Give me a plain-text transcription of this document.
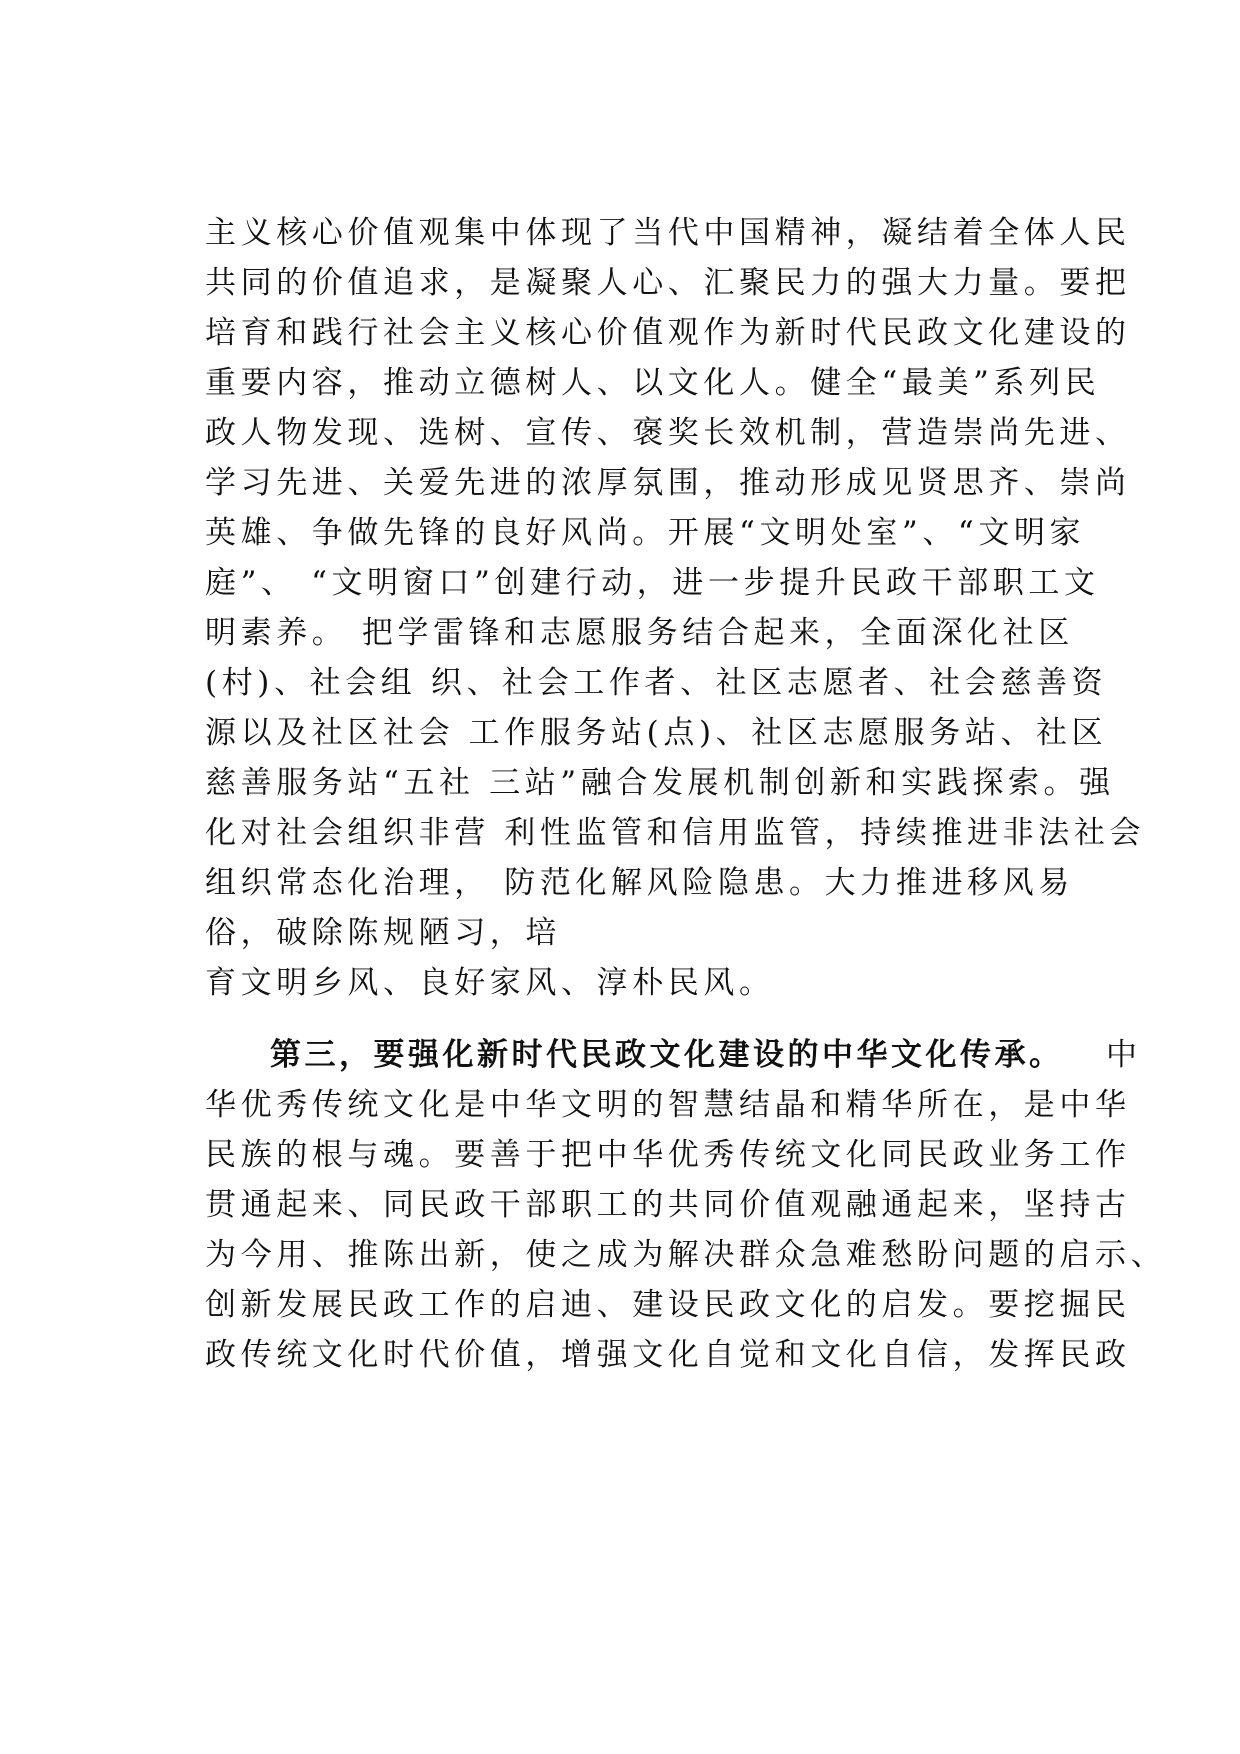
主义核心价值观集中体现了当代中国精神，凝结着全体人民
共同的价值追求，是凝聚人心、汇聚民力的强大力量。要把
培育和践行社会主义核心价值观作为新时代民政文化建设的
重要内容，推动立德树人、以文化人。健全“最美”系列民
政人物发现、选树、宣传、褒奖长效机制，营造崇尚先进、
学习先进、关爱先进的浓厚氛围，推动形成见贤思齐、崇尚
英雄、争做先锋的良好风尚。开展“文明处室”、“文明家
庭”、 “文明窗口”创建行动，进一步提升民政干部职工文
明素养。 把学雷锋和志愿服务结合起来，全面深化社区
(村)、社会组 织、社会工作者、社区志愿者、社会慈善资
源以及社区社会 工作服务站(点)、社区志愿服务站、社区
慈善服务站“五社 三站”融合发展机制创新和实践探索。强
化对社会组织非营 利性监管和信用监管，持续推进非法社会
组织常态化治理， 防范化解风险隐患。大力推进移风易
俗，破除陈规陋习，培
育文明乡风、良好家风、淳朴民风。
第三，要强化新时代民政文化建设的中华文化传承。 中
华优秀传统文化是中华文明的智慧结晶和精华所在，是中华
民族的根与魂。要善于把中华优秀传统文化同民政业务工作
贯通起来、同民政干部职工的共同价值观融通起来，坚持古
为今用、推陈出新，使之成为解决群众急难愁盼问题的启示、
创新发展民政工作的启迪、建设民政文化的启发。要挖掘民
政传统文化时代价值，增强文化自觉和文化自信，发挥民政
